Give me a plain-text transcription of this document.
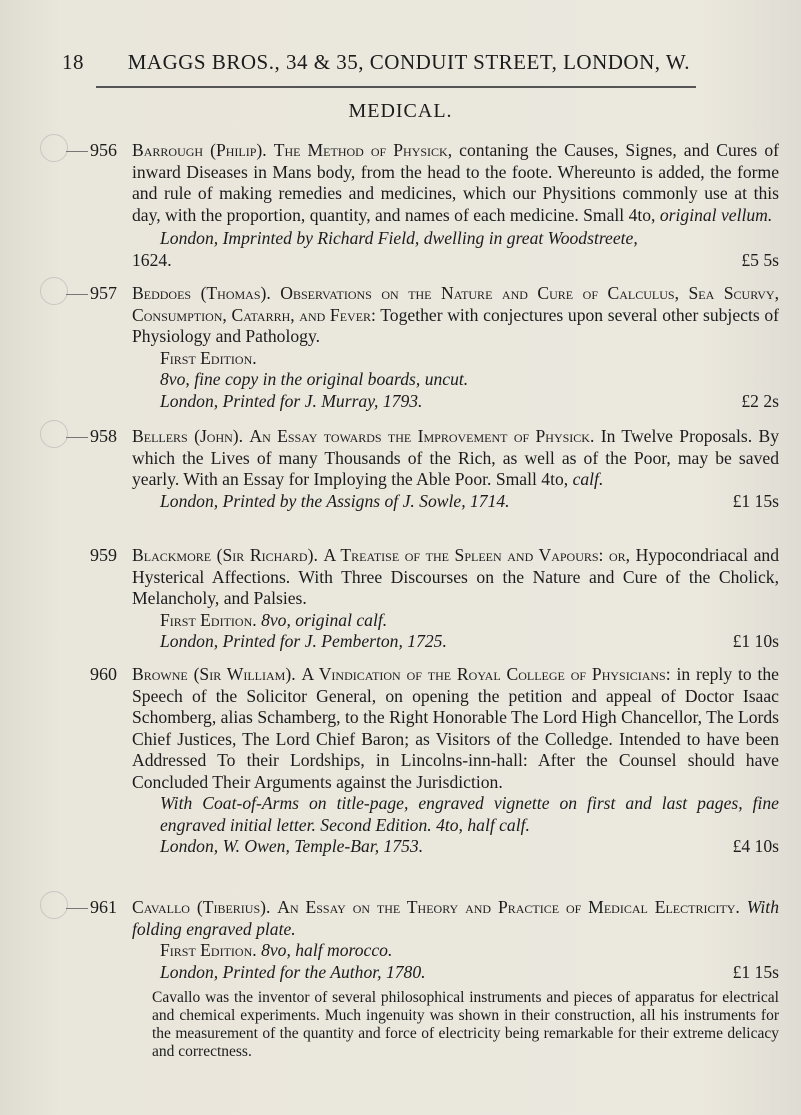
18 MAGGS BROS., 34 & 35, CONDUIT STREET, LONDON, W.
MEDICAL.
956 Barrough (Philip). The Method of Physick, contaning the Causes, Signes, and Cures of inward Diseases in Mans body, from the head to the foote. Whereunto is added, the forme and rule of making remedies and medicines, which our Physitions commonly use at this day, with the proportion, quantity, and names of each medicine. Small 4to, original vellum.

London, Imprinted by Richard Field, dwelling in great Woodstreete,

1624.	£5 5s

957 Beddoes (Thomas). Observations on the Nature and Cure of Calculus, Sea Scurvy, Consumption, Catarrh, and Fever: Together with conjectures upon several other subjects of Physiology and Pathology.

First Edition.

8vo, fine copy in the original boards, uncut.

London, Printed for J. Murray, 1793.	£2 2s

958 Bellers (John). An Essay towards the Improvement of Physick. In Twelve Proposals. By which the Lives of many Thousands of the Rich, as well as of the Poor, may be saved yearly. With an Essay for Imploying the Able Poor. Small 4to, calf.

London, Printed by the Assigns of J. Sowle, 1714.	£1 15s

959 Blackmore (Sir Richard). A Treatise of the Spleen and Vapours: or, Hypocondriacal and Hysterical Affections. With Three Discourses on the Nature and Cure of the Cholick, Melancholy, and Palsies.

First Edition. 8vo, original calf.

London, Printed for J. Pemberton, 1725.	£1 10s

960 Browne (Sir William). A Vindication of the Royal College of Physicians: in reply to the Speech of the Solicitor General, on opening the petition and appeal of Doctor Isaac Schomberg, alias Schamberg, to the Right Honorable The Lord High Chancellor, The Lords Chief Justices, The Lord Chief Baron; as Visitors of the Colledge. Intended to have been Addressed To their Lordships, in Lincolns-inn-hall: After the Counsel should have Concluded Their Arguments against the Jurisdiction.

With Coat-of-Arms on title-page, engraved vignette on first and last pages, fine engraved initial letter. Second Edition. 4to, half calf.

London, W. Owen, Temple-Bar, 1753.	£4 10s

961 Cavallo (Tiberius). An Essay on the Theory and Practice of Medical Electricity. With folding engraved plate.

First Edition. 8vo, half morocco.

London, Printed for the Author, 1780.	£1 15s

Cavallo was the inventor of several philosophical instruments and pieces of apparatus for electrical and chemical experiments. Much ingenuity was shown in their construction, all his instruments for the measurement of the quantity and force of electricity being remarkable for their extreme delicacy and correctness.
